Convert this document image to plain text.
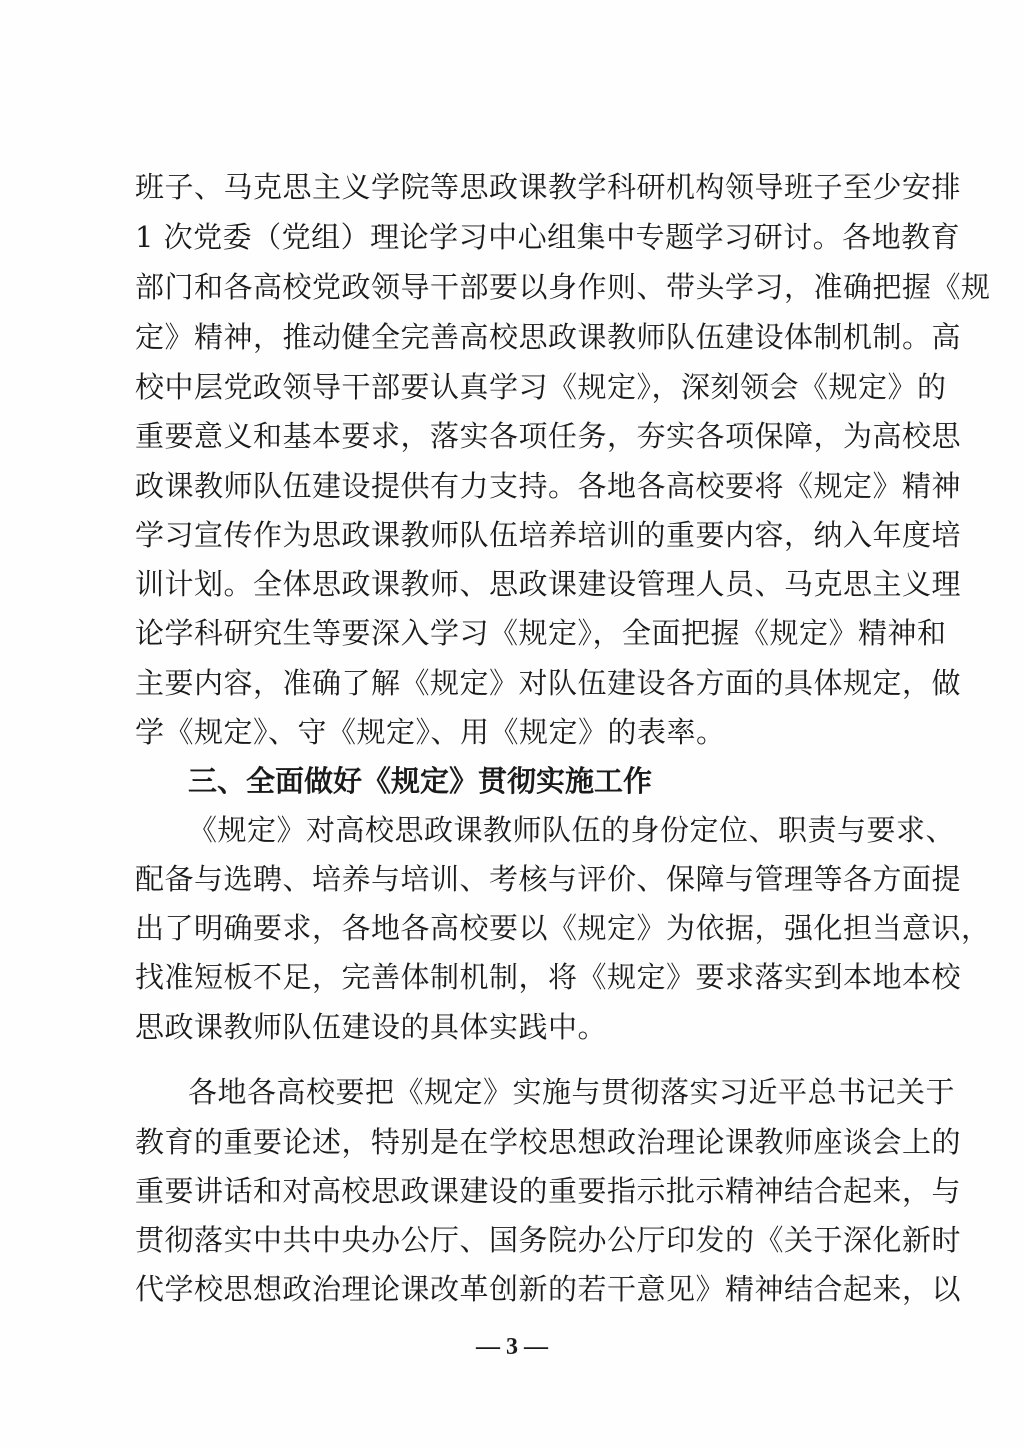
班子、马克思主义学院等思政课教学科研机构领导班子至少安排
1 次党委（党组）理论学习中心组集中专题学习研讨。各地教育
部门和各高校党政领导干部要以身作则、带头学习，准确把握《规
定》精神，推动健全完善高校思政课教师队伍建设体制机制。高
校中层党政领导干部要认真学习《规定》，深刻领会《规定》的
重要意义和基本要求，落实各项任务，夯实各项保障，为高校思
政课教师队伍建设提供有力支持。各地各高校要将《规定》精神
学习宣传作为思政课教师队伍培养培训的重要内容，纳入年度培
训计划。全体思政课教师、思政课建设管理人员、马克思主义理
论学科研究生等要深入学习《规定》，全面把握《规定》精神和
主要内容，准确了解《规定》对队伍建设各方面的具体规定，做
学《规定》、守《规定》、用《规定》的表率。
三、全面做好《规定》贯彻实施工作
《规定》对高校思政课教师队伍的身份定位、职责与要求、
配备与选聘、培养与培训、考核与评价、保障与管理等各方面提
出了明确要求，各地各高校要以《规定》为依据，强化担当意识，
找准短板不足，完善体制机制，将《规定》要求落实到本地本校
思政课教师队伍建设的具体实践中。
各地各高校要把《规定》实施与贯彻落实习近平总书记关于
教育的重要论述，特别是在学校思想政治理论课教师座谈会上的
重要讲话和对高校思政课建设的重要指示批示精神结合起来，与
贯彻落实中共中央办公厅、国务院办公厅印发的《关于深化新时
代学校思想政治理论课改革创新的若干意见》精神结合起来，以
— 3 —
